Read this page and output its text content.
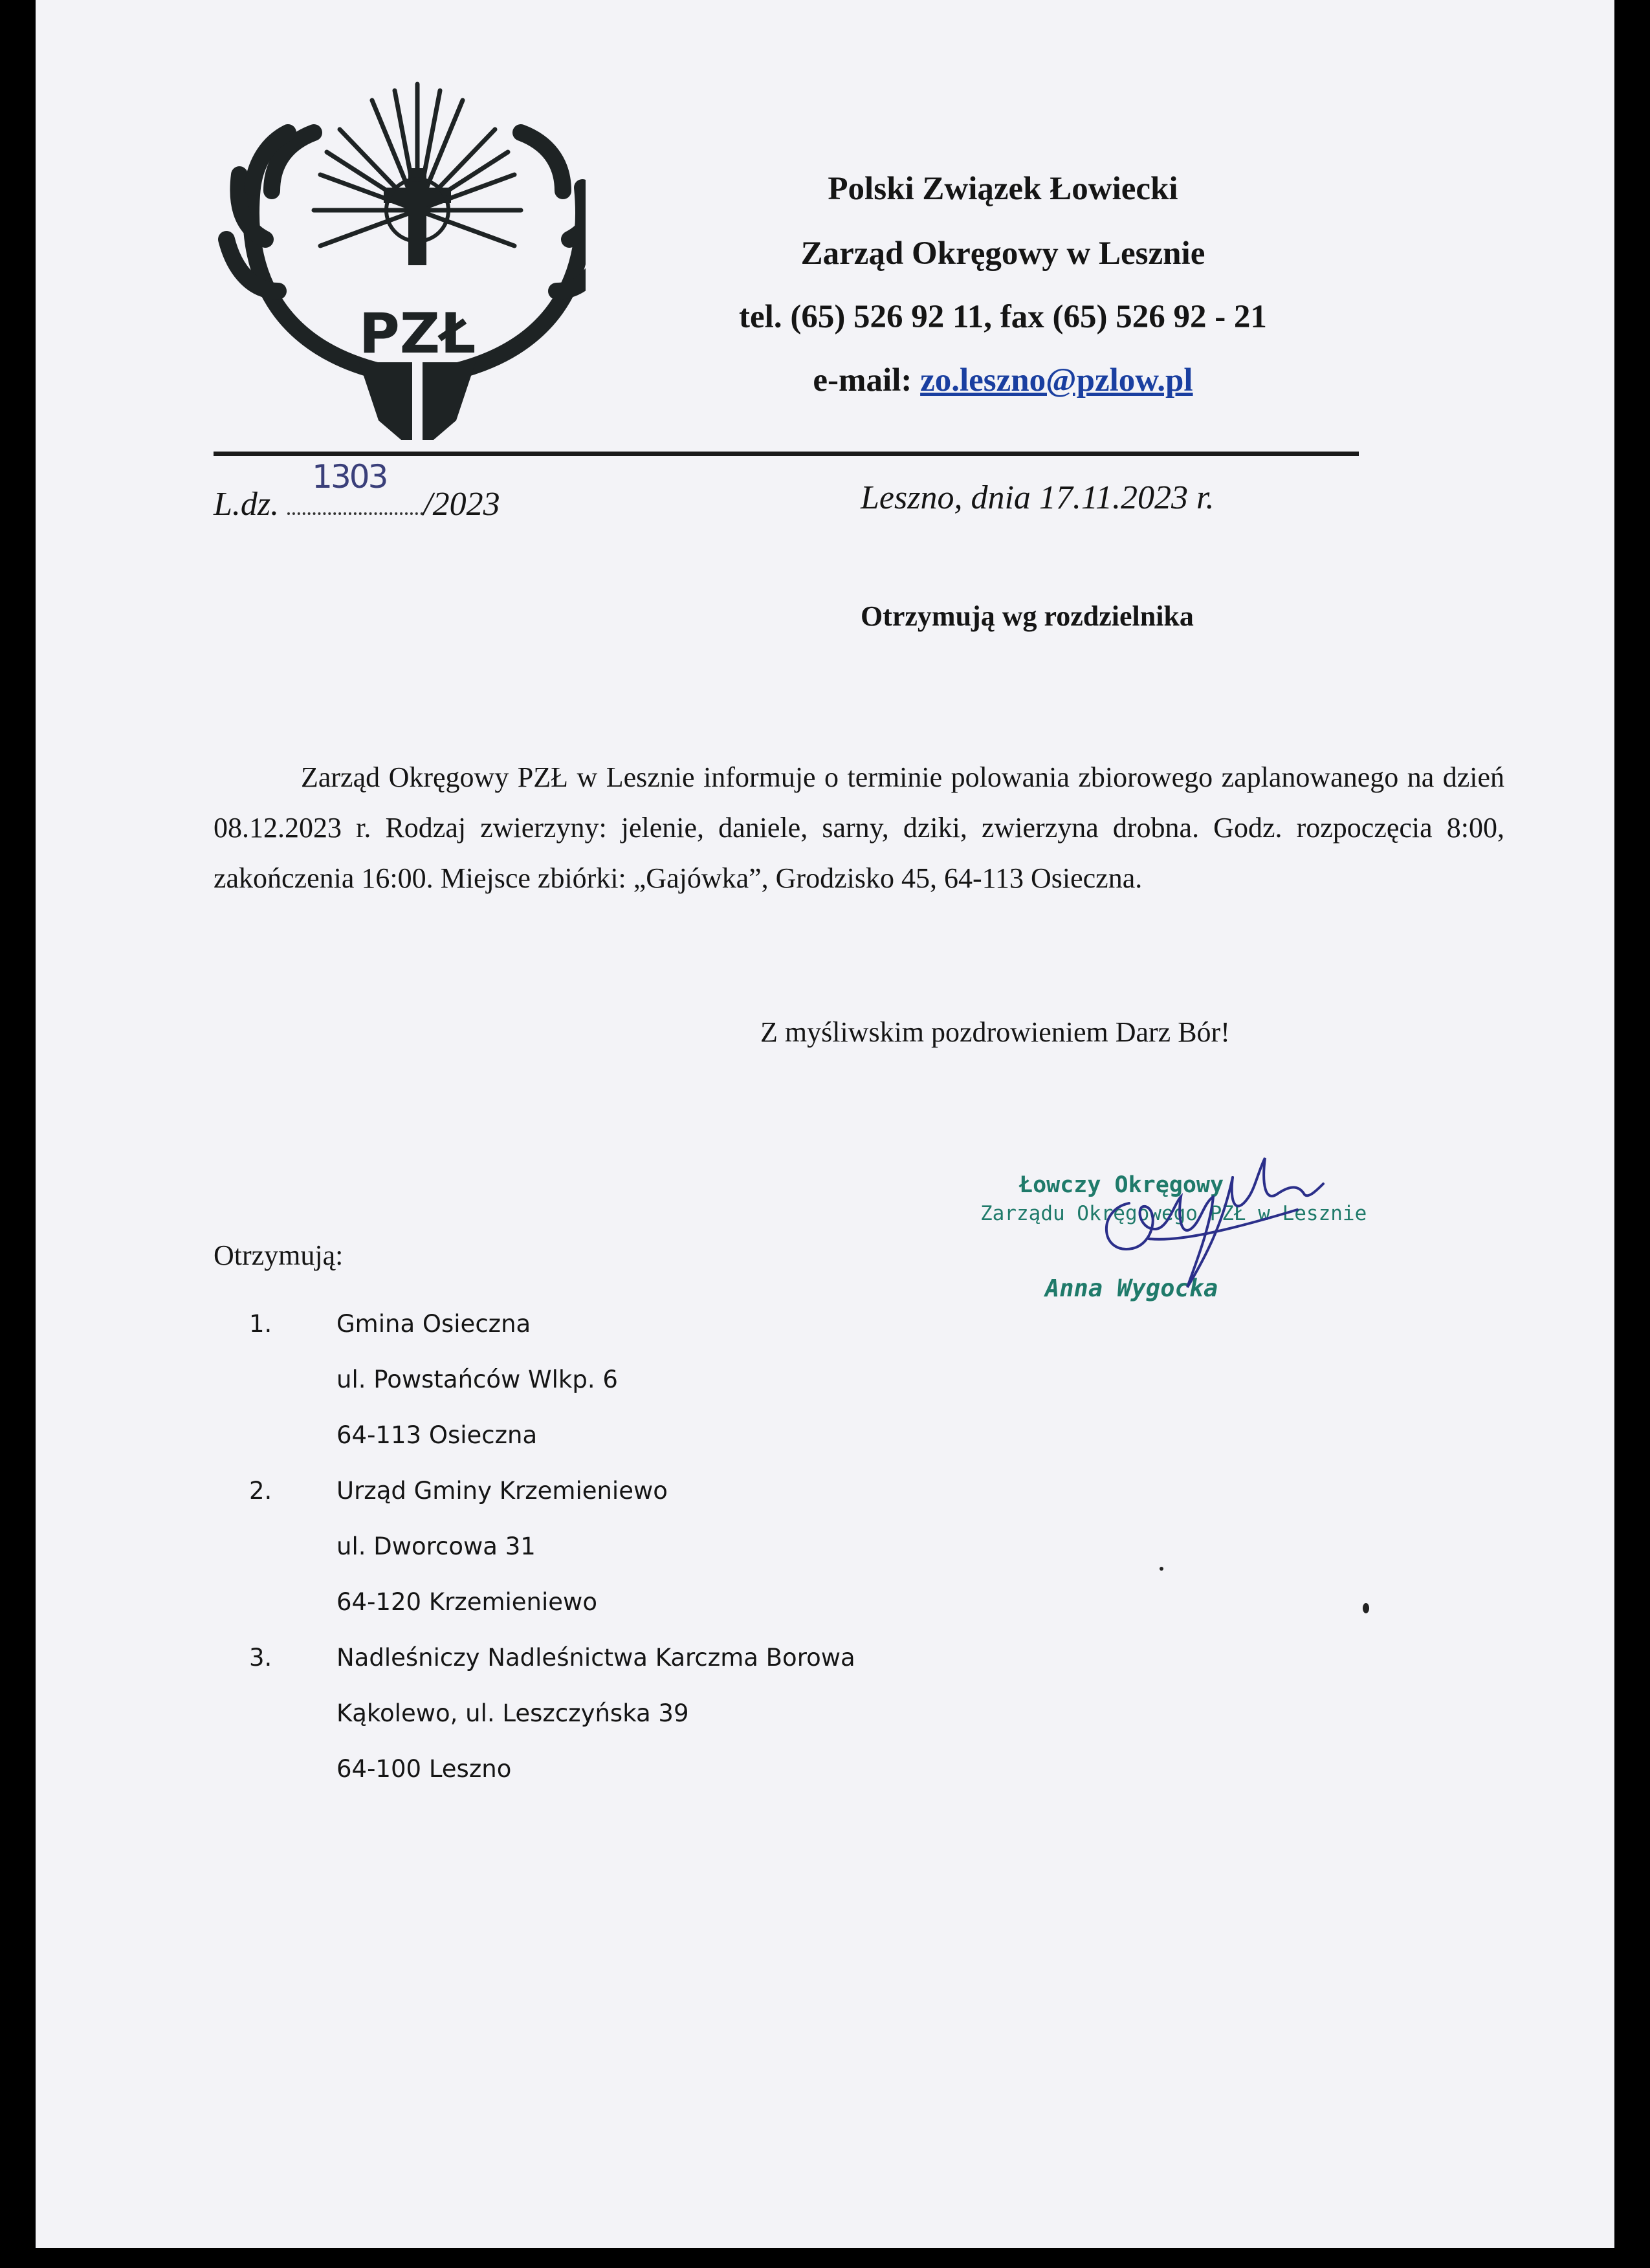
PZŁ
Polski Związek Łowiecki
Zarząd Okręgowy w Lesznie
tel. (65) 526 92 11, fax (65) 526 92 - 21
e-mail: zo.leszno@pzlow.pl
L.dz.
1303
/2023	Leszno, dnia 17.11.2023 r.
Otrzymują wg rozdzielnika
Zarząd Okręgowy PZŁ w Lesznie informuje o terminie polowania zbiorowego zaplanowanego na dzień 08.12.2023 r. Rodzaj zwierzyny: jelenie, daniele, sarny, dziki, zwierzyna drobna. Godz. rozpoczęcia 8:00, zakończenia 16:00. Miejsce zbiórki: „Gajówka”, Grodzisko 45, 64-113 Osieczna.
Z myśliwskim pozdrowieniem Darz Bór!
Łowczy Okręgowy
Zarządu Okręgowego PZŁ w Lesznie
Anna Wygocka
Otrzymują:
1.	Gmina Osieczna
ul. Powstańców Wlkp. 6
64-113 Osieczna
2.	Urząd Gminy Krzemieniewo
ul. Dworcowa 31
64-120 Krzemieniewo
3.	Nadleśniczy Nadleśnictwa Karczma Borowa
Kąkolewo, ul. Leszczyńska 39
64-100 Leszno
